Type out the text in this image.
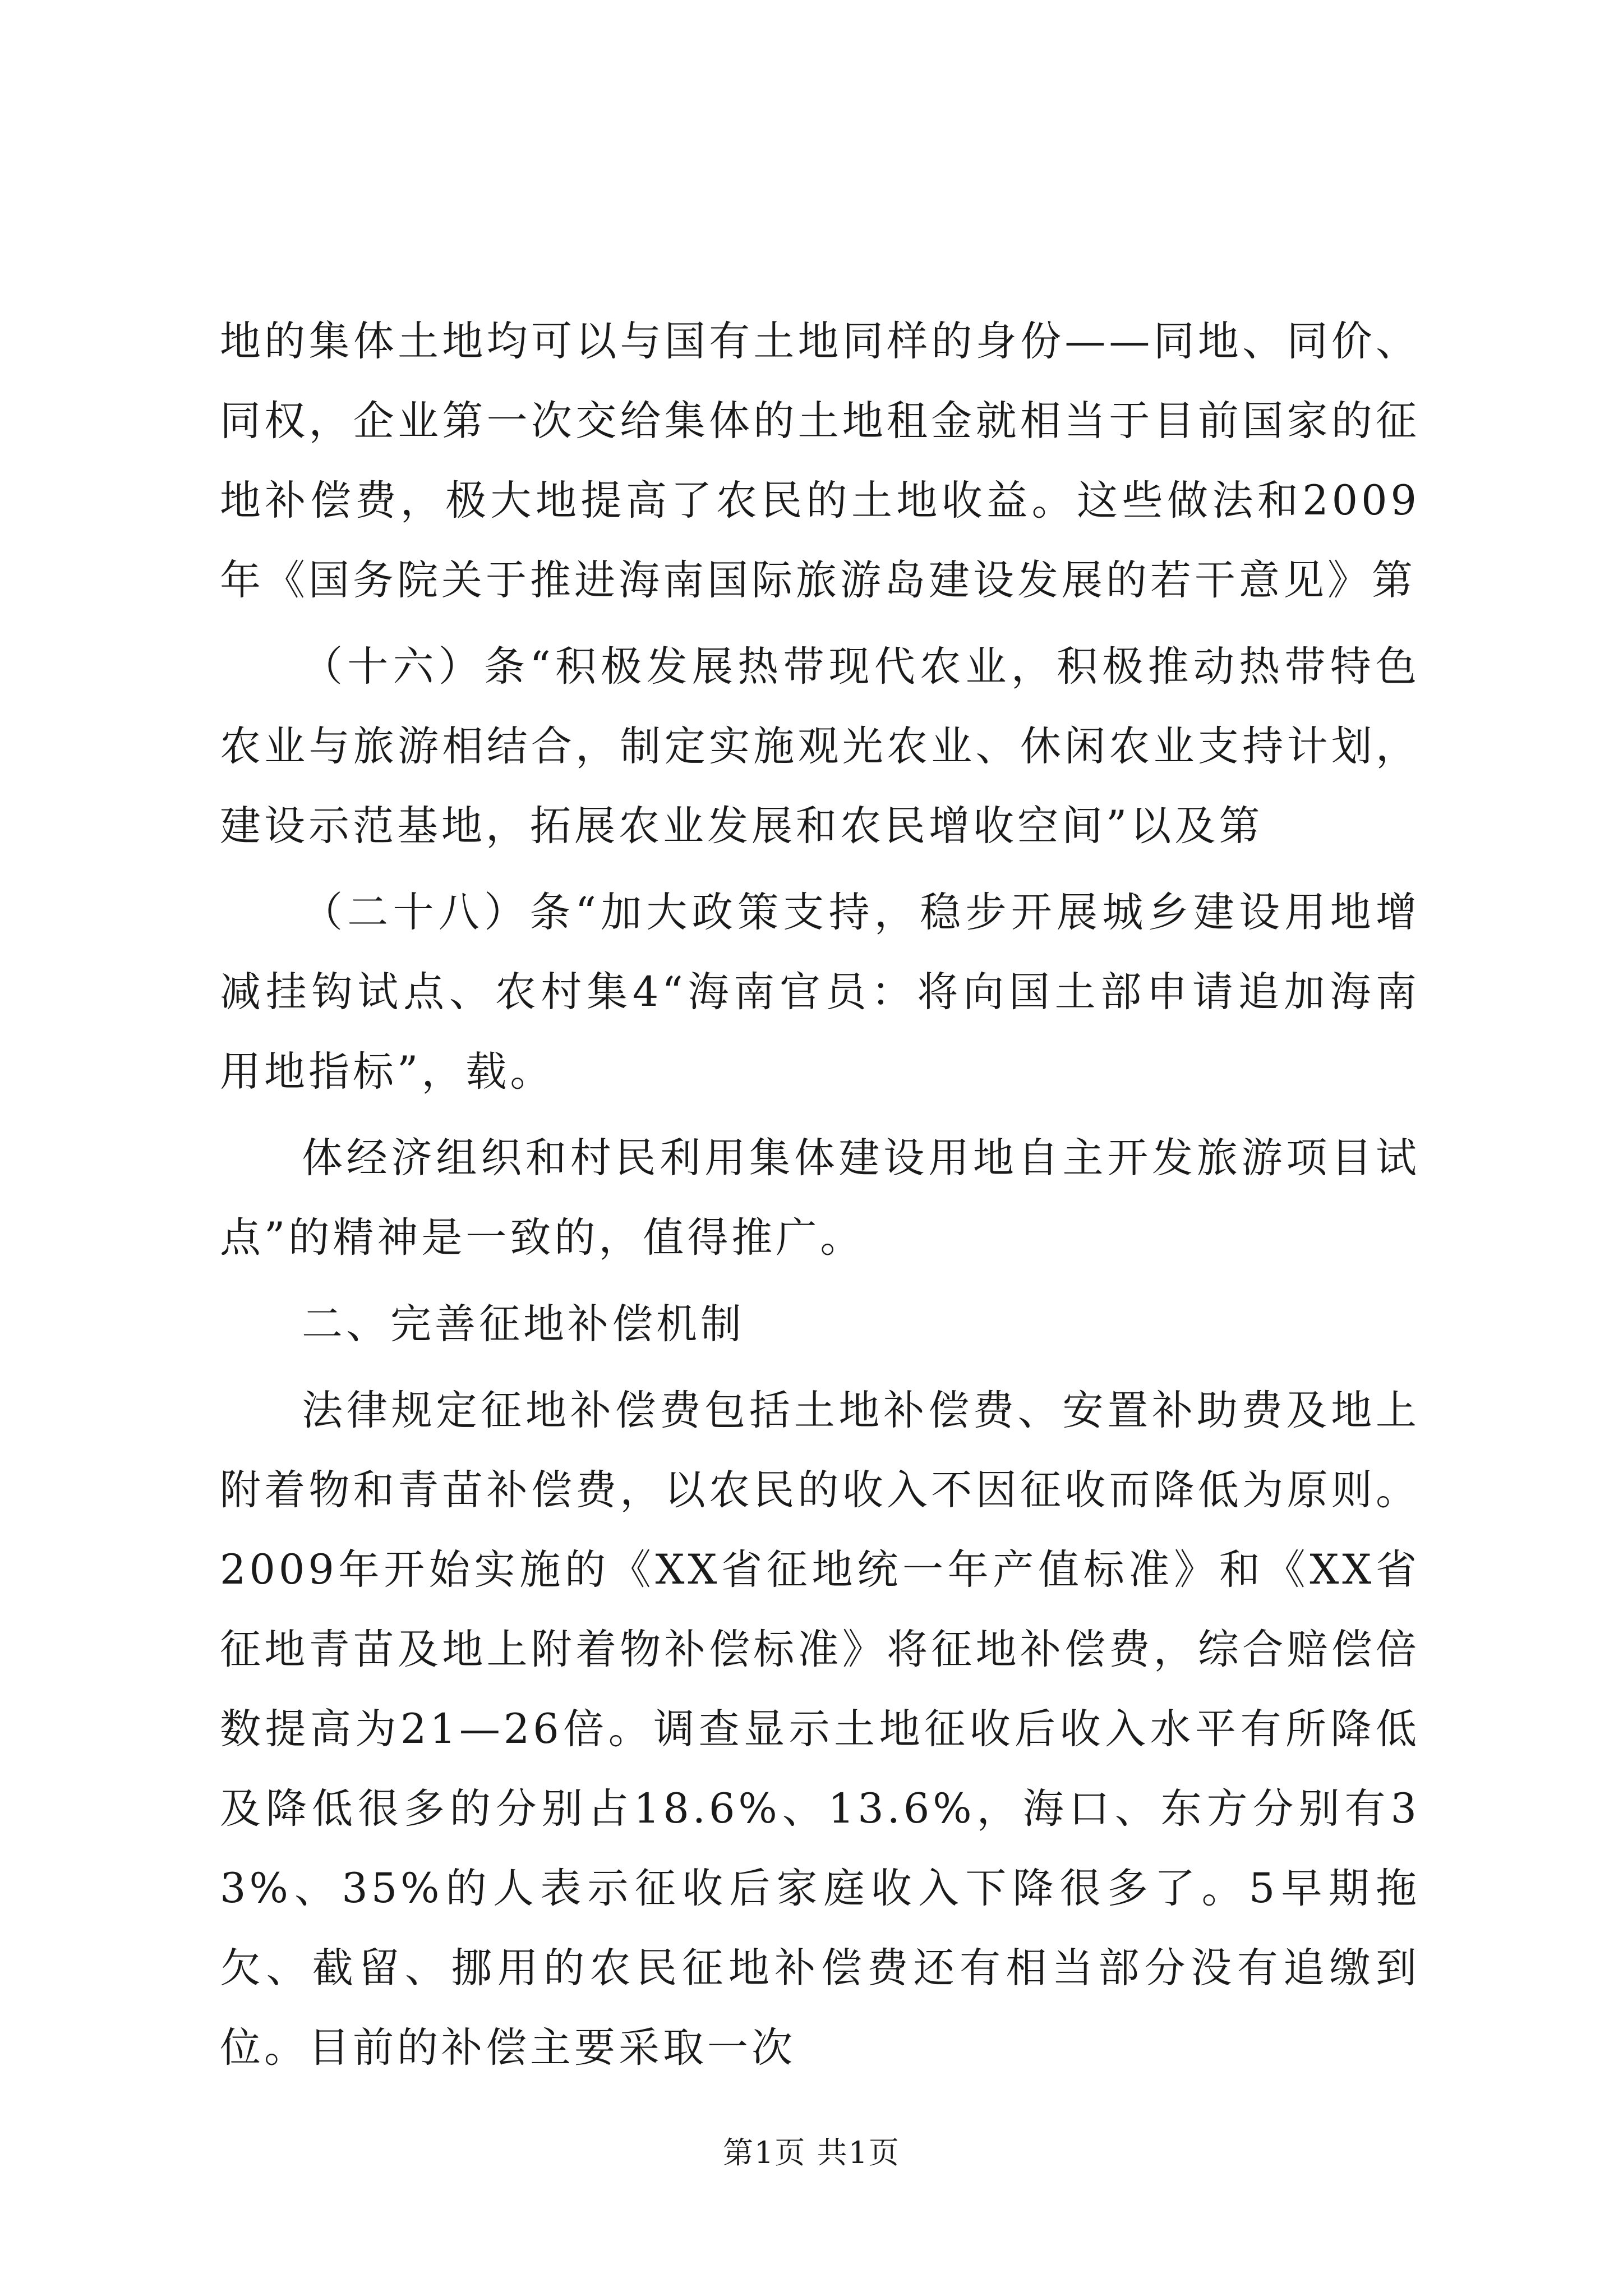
地的集体土地均可以与国有土地同样的身份——同地、同价、同权，企业第一次交给集体的土地租金就相当于目前国家的征地补偿费，极大地提高了农民的土地收益。这些做法和2009年《国务院关于推进海南国际旅游岛建设发展的若干意见》第

（十六）条“积极发展热带现代农业，积极推动热带特色农业与旅游相结合，制定实施观光农业、休闲农业支持计划，建设示范基地，拓展农业发展和农民增收空间”以及第

（二十八）条“加大政策支持，稳步开展城乡建设用地增减挂钩试点、农村集4“海南官员：将向国土部申请追加海南用地指标”，载。

体经济组织和村民利用集体建设用地自主开发旅游项目试点”的精神是一致的，值得推广。

二、完善征地补偿机制

法律规定征地补偿费包括土地补偿费、安置补助费及地上附着物和青苗补偿费，以农民的收入不因征收而降低为原则。2009年开始实施的《XX省征地统一年产值标准》和《XX省征地青苗及地上附着物补偿标准》将征地补偿费，综合赔偿倍数提高为21—26倍。调查显示土地征收后收入水平有所降低及降低很多的分别占18.6%、13.6%，海口、东方分别有33%、35%的人表示征收后家庭收入下降很多了。5早期拖欠、截留、挪用的农民征地补偿费还有相当部分没有追缴到位。目前的补偿主要采取一次

第1页 共1页
